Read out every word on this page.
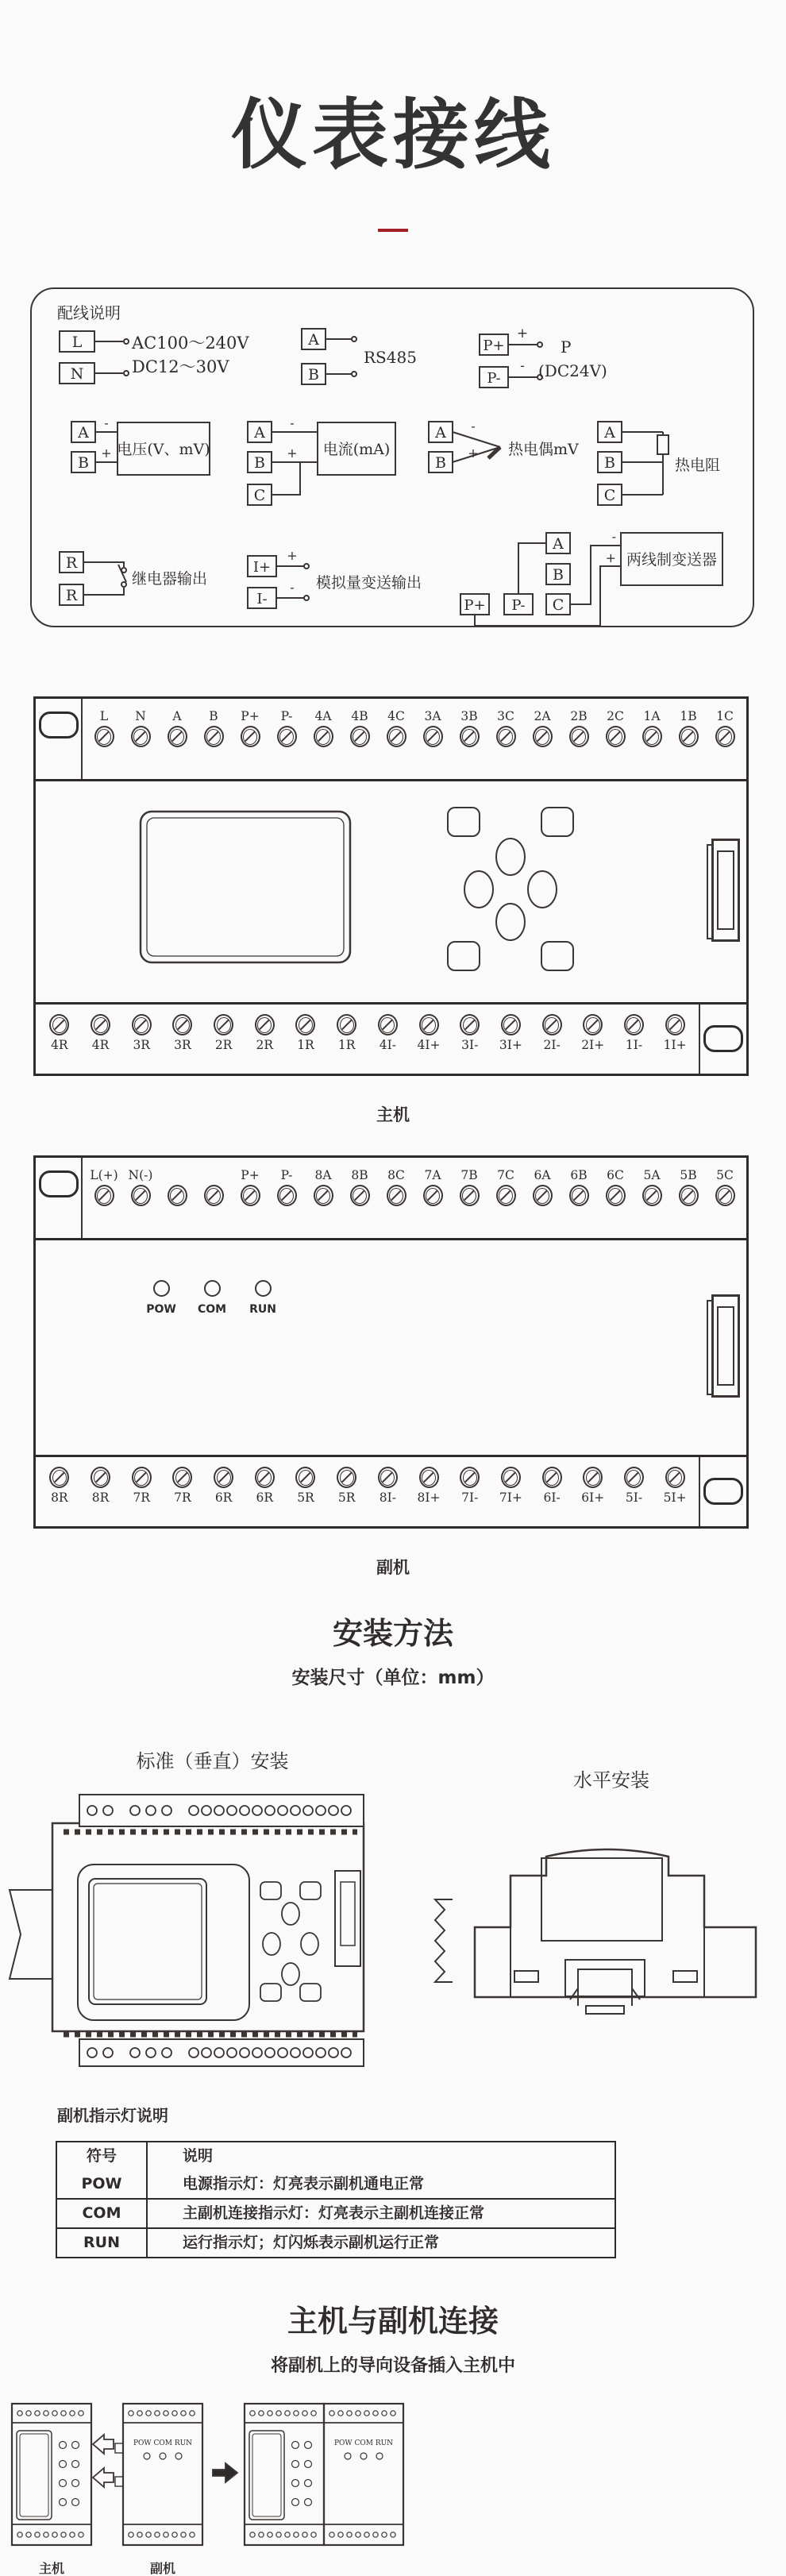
仪表接线
配线说明
L
N
AC100～240V
DC12～30V
A
B
RS485
P+
P-
+
-
P
(DC24V)
A
B
-
+ 电压(V、mV)
A
B
C
-
+ 电流(mA)
A
B
-
+ 热电偶mV
A
B
C
热电阻
R
R
继电器输出
I+
I-
+
- 模拟量变送输出
A
B
C
P+ P-
-
+ 两线制变送器
L N A B P+ P- 4A 4B 4C 3A 3B 3C 2A 2B 2C 1A 1B 1C
4R 4R 3R 3R 2R 2R 1R 1R 4I- 4I+ 3I- 3I+ 2I- 2I+ 1I- 1I+
主机
L(+) N(-)	P+ P- 8A 8B 8C 7A 7B 7C 6A 6B 6C 5A 5B 5C
POW COM RUN
8R 8R 7R 7R 6R 6R 5R 5R 8I- 8I+ 7I- 7I+ 6I- 6I+ 5I- 5I+
副机
安装方法
安装尺寸（单位：mm）
标准（垂直）安装
水平安装
副机指示灯说明
符号	说明
POW	电源指示灯：灯亮表示副机通电正常
COM	主副机连接指示灯：灯亮表示主副机连接正常
RUN	运行指示灯；灯闪烁表示副机运行正常
主机与副机连接
将副机上的导向设备插入主机中
POW COM RUN	POW COM RUN
主机	副机
